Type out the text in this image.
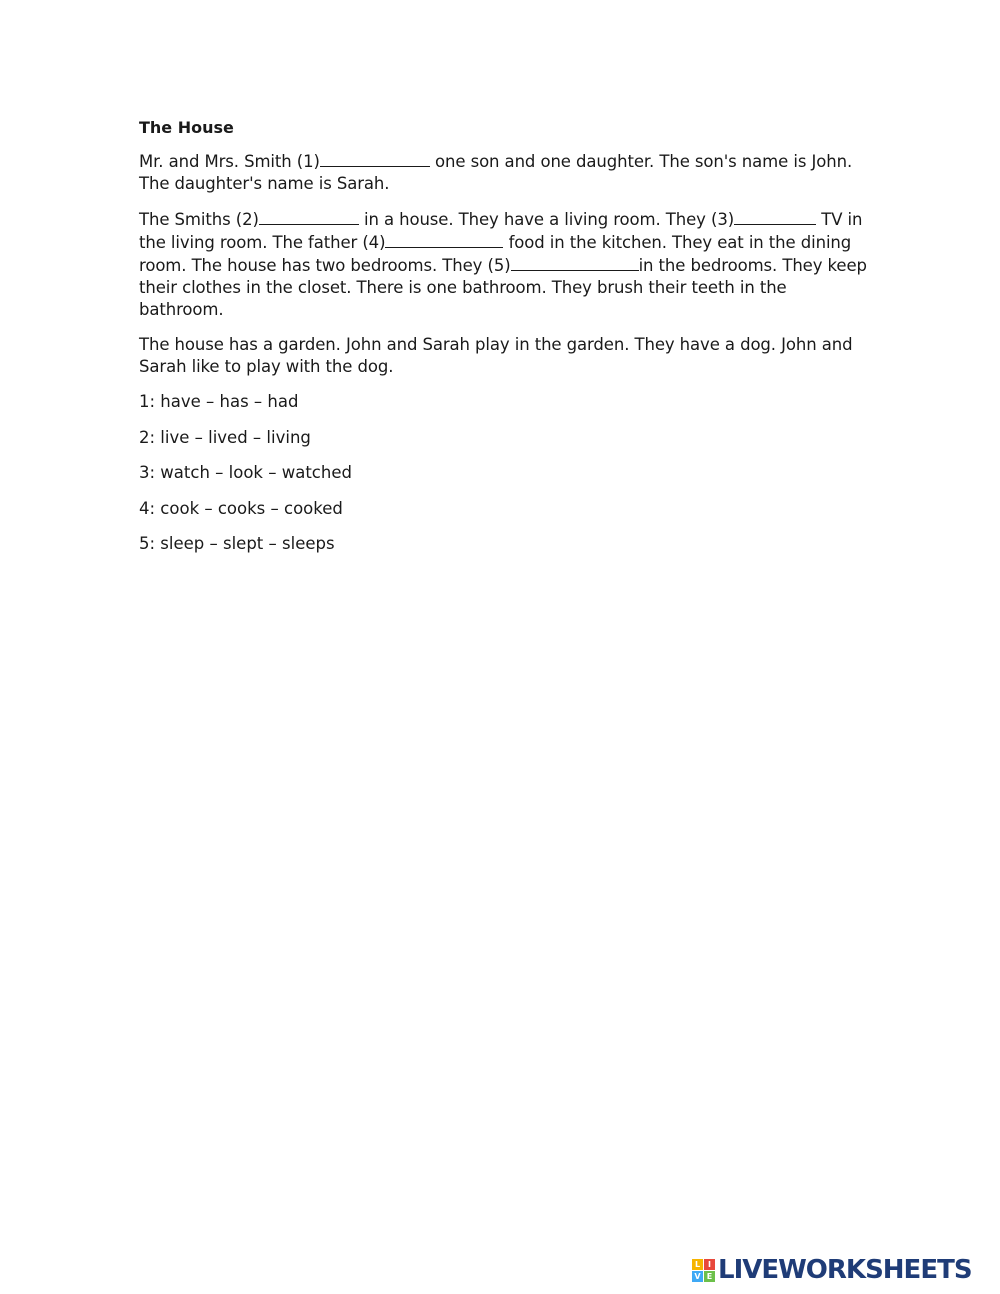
The House

Mr. and Mrs. Smith (1)	one son and one daughter. The son's name is John. The daughter's name is Sarah.

The Smiths (2)	in a house. They have a living room. They (3)	TV in the living room. The father (4)	food in the kitchen. They eat in the dining room. The house has two bedrooms. They (5)	in the bedrooms. They keep their clothes in the closet. There is one bathroom. They brush their teeth in the bathroom.

The house has a garden. John and Sarah play in the garden. They have a dog. John and Sarah like to play with the dog.

1: have – has – had
2: live – lived – living
3: watch – look – watched
4: cook – cooks – cooked
5: sleep – slept – sleeps
L I
V E LIVEWORKSHEETS
